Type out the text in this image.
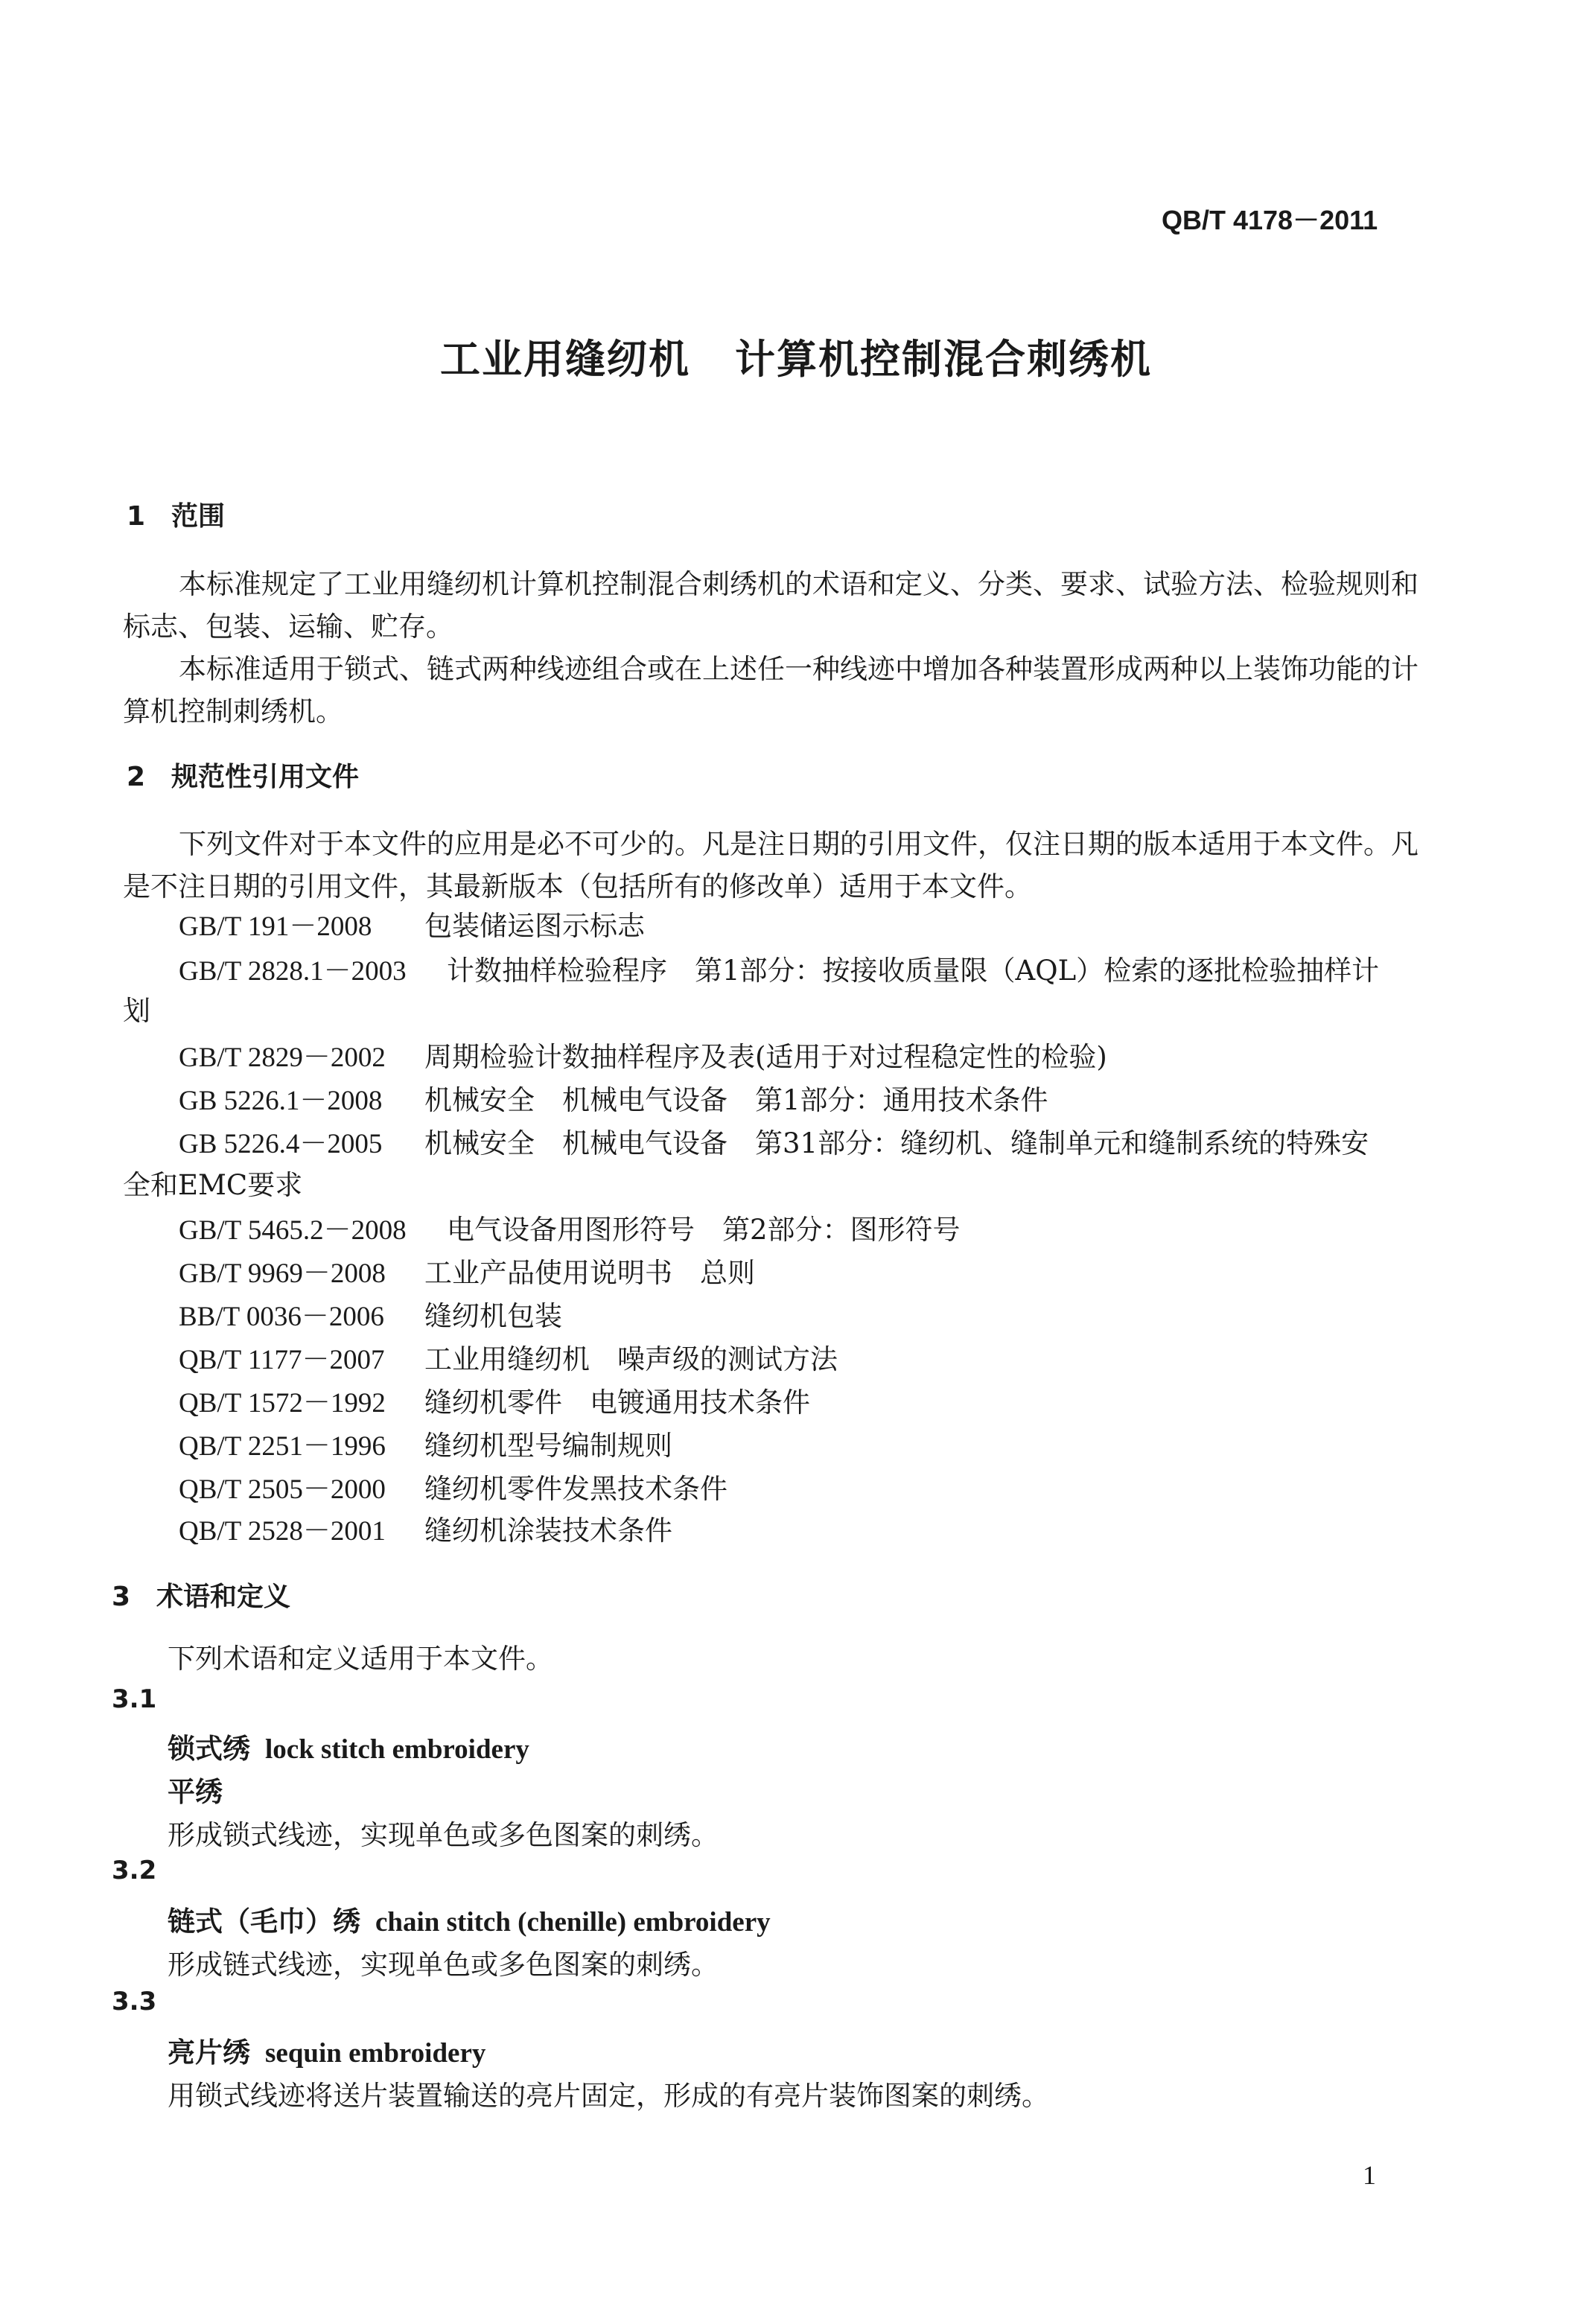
QB/T 4178－2011
工业用缝纫机 计算机控制混合刺绣机
1 范围
本标准规定了工业用缝纫机计算机控制混合刺绣机的术语和定义、分类、要求、试验方法、检验规则和标志、包装、运输、贮存。
本标准适用于锁式、链式两种线迹组合或在上述任一种线迹中增加各种装置形成两种以上装饰功能的计算机控制刺绣机。
2 规范性引用文件
下列文件对于本文件的应用是必不可少的。凡是注日期的引用文件，仅注日期的版本适用于本文件。凡是不注日期的引用文件，其最新版本（包括所有的修改单）适用于本文件。
GB/T 191－2008 包装储运图示标志
GB/T 2828.1－2003 计数抽样检验程序　第1部分：按接收质量限（AQL）检索的逐批检验抽样计
划
GB/T 2829－2002 周期检验计数抽样程序及表(适用于对过程稳定性的检验)
GB 5226.1－2008 机械安全　机械电气设备　第1部分：通用技术条件
GB 5226.4－2005 机械安全　机械电气设备　第31部分：缝纫机、缝制单元和缝制系统的特殊安
全和EMC要求
GB/T 5465.2－2008 电气设备用图形符号　第2部分：图形符号
GB/T 9969－2008 工业产品使用说明书　总则
BB/T 0036－2006 缝纫机包装
QB/T 1177－2007 工业用缝纫机　噪声级的测试方法
QB/T 1572－1992 缝纫机零件　电镀通用技术条件
QB/T 2251－1996 缝纫机型号编制规则
QB/T 2505－2000 缝纫机零件发黑技术条件
QB/T 2528－2001 缝纫机涂装技术条件
3 术语和定义
下列术语和定义适用于本文件。
3.1
锁式绣 lock stitch embroidery
平绣
形成锁式线迹，实现单色或多色图案的刺绣。
3.2
链式（毛巾）绣 chain stitch (chenille) embroidery
形成链式线迹，实现单色或多色图案的刺绣。
3.3
亮片绣 sequin embroidery
用锁式线迹将送片装置输送的亮片固定，形成的有亮片装饰图案的刺绣。
1
